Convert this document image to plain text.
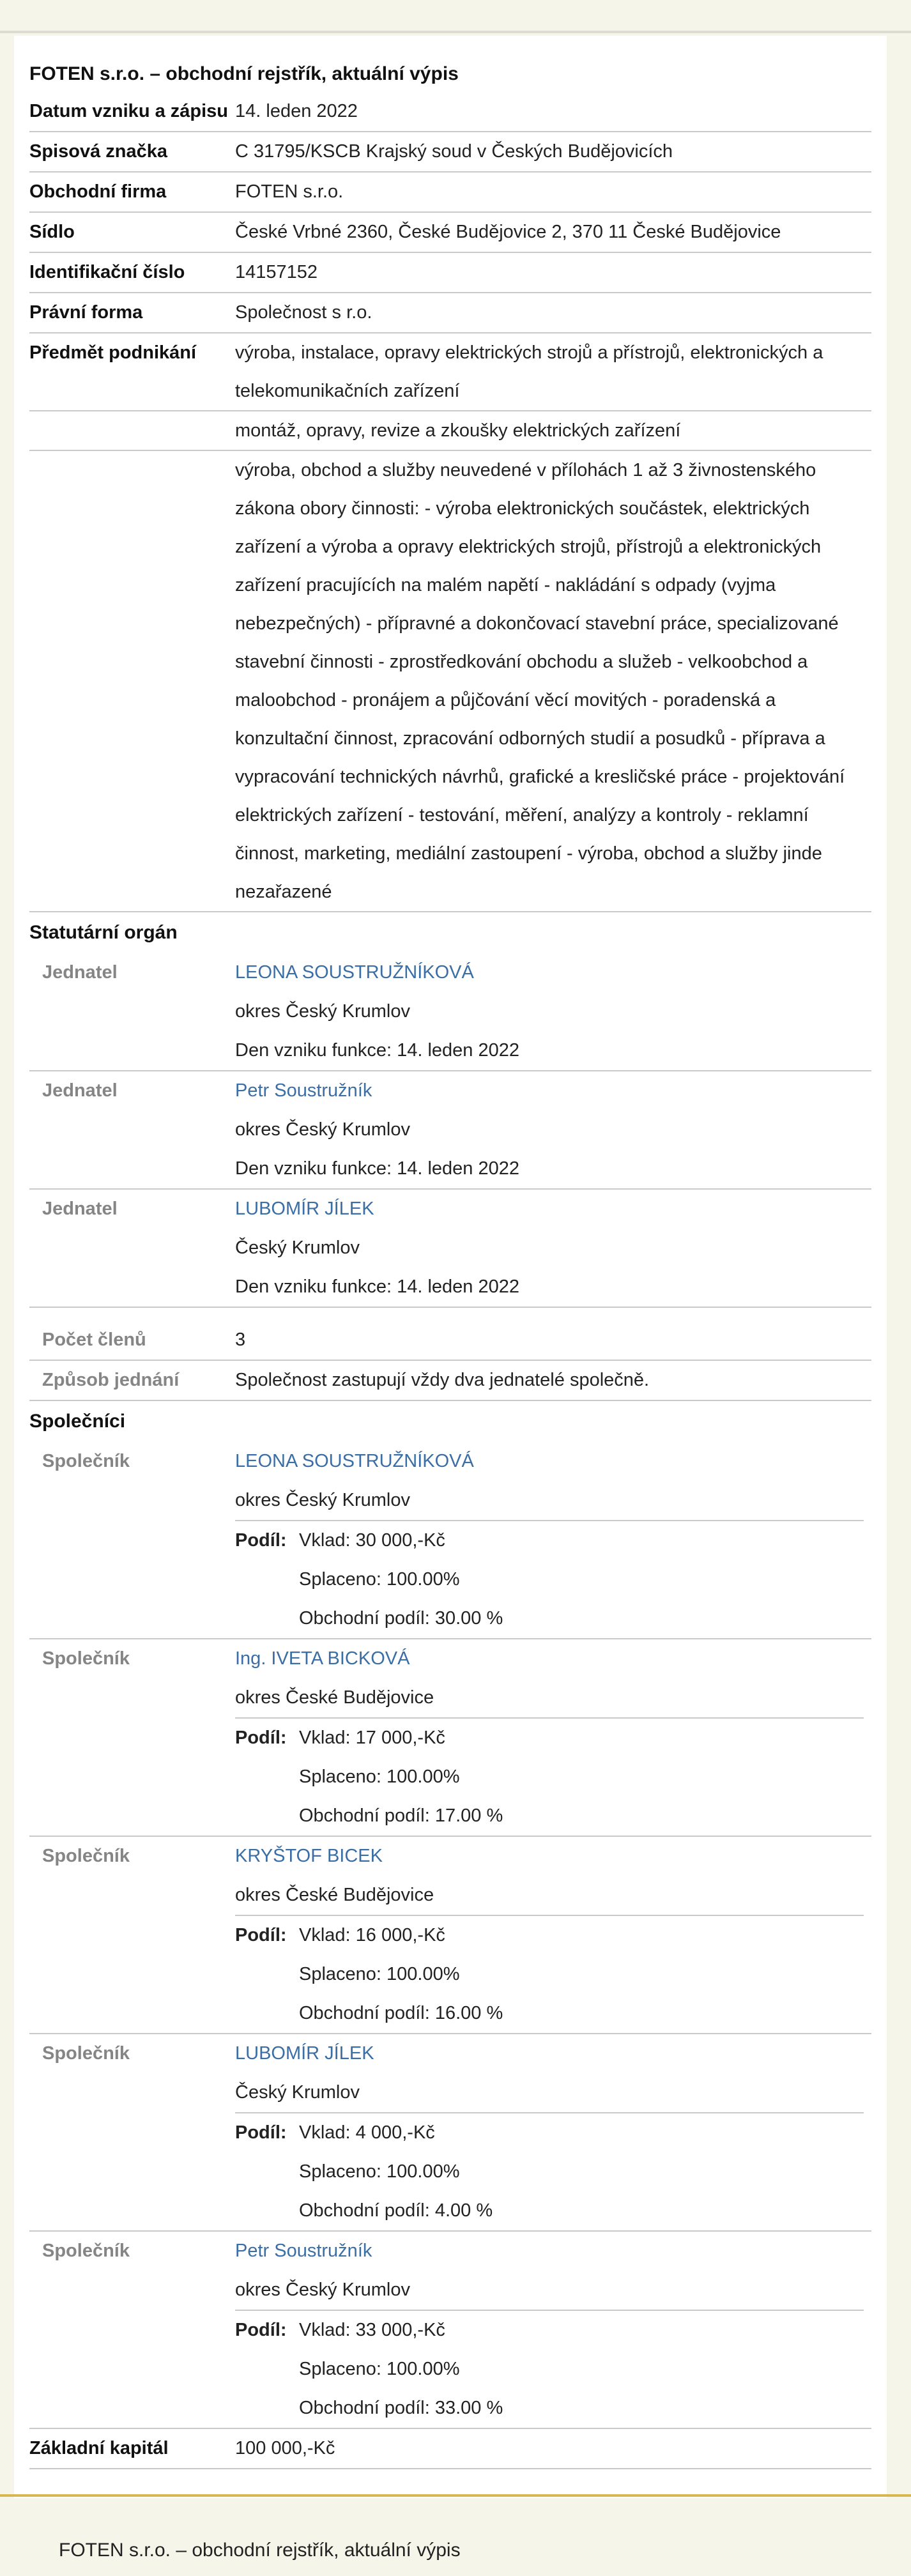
FOTEN s.r.o. – obchodní rejstřík, aktuální výpis
Datum vzniku a zápisu 14. leden 2022
Spisová značka	C 31795/KSCB Krajský soud v Českých Budějovicích
Obchodní firma	FOTEN s.r.o.
Sídlo	České Vrbné 2360, České Budějovice 2, 370 11 České Budějovice
Identifikační číslo	14157152
Právní forma	Společnost s r.o.
Předmět podnikání	výroba, instalace, opravy elektrických strojů a přístrojů, elektronických a telekomunikačních zařízení
montáž, opravy, revize a zkoušky elektrických zařízení
výroba, obchod a služby neuvedené v přílohách 1 až 3 živnostenského zákona obory činnosti: - výroba elektronických součástek, elektrických zařízení a výroba a opravy elektrických strojů, přístrojů a elektronických zařízení pracujících na malém napětí - nakládání s odpady (vyjma nebezpečných) - přípravné a dokončovací stavební práce, specializované stavební činnosti - zprostředkování obchodu a služeb - velkoobchod a maloobchod - pronájem a půjčování věcí movitých - poradenská a konzultační činnost, zpracování odborných studií a posudků - příprava a vypracování technických návrhů, grafické a kresličské práce - projektování elektrických zařízení - testování, měření, analýzy a kontroly - reklamní činnost, marketing, mediální zastoupení - výroba, obchod a služby jinde nezařazené
Statutární orgán
Jednatel	LEONA SOUSTRUŽNÍKOVÁ
okres Český Krumlov
Den vzniku funkce: 14. leden 2022
Jednatel	Petr Soustružník
okres Český Krumlov
Den vzniku funkce: 14. leden 2022
Jednatel	LUBOMÍR JÍLEK
Český Krumlov
Den vzniku funkce: 14. leden 2022
Počet členů	3
Způsob jednání	Společnost zastupují vždy dva jednatelé společně.
Společníci
Společník	LEONA SOUSTRUŽNÍKOVÁ
okres Český Krumlov
Podíl: Vklad: 30 000,-Kč
Splaceno: 100.00%
Obchodní podíl: 30.00 %
Společník	Ing. IVETA BICKOVÁ
okres České Budějovice
Podíl: Vklad: 17 000,-Kč
Splaceno: 100.00%
Obchodní podíl: 17.00 %
Společník	KRYŠTOF BICEK
okres České Budějovice
Podíl: Vklad: 16 000,-Kč
Splaceno: 100.00%
Obchodní podíl: 16.00 %
Společník	LUBOMÍR JÍLEK
Český Krumlov
Podíl: Vklad: 4 000,-Kč
Splaceno: 100.00%
Obchodní podíl: 4.00 %
Společník	Petr Soustružník
okres Český Krumlov
Podíl: Vklad: 33 000,-Kč
Splaceno: 100.00%
Obchodní podíl: 33.00 %
Základní kapitál	100 000,-Kč
FOTEN s.r.o. – obchodní rejstřík, aktuální výpis
